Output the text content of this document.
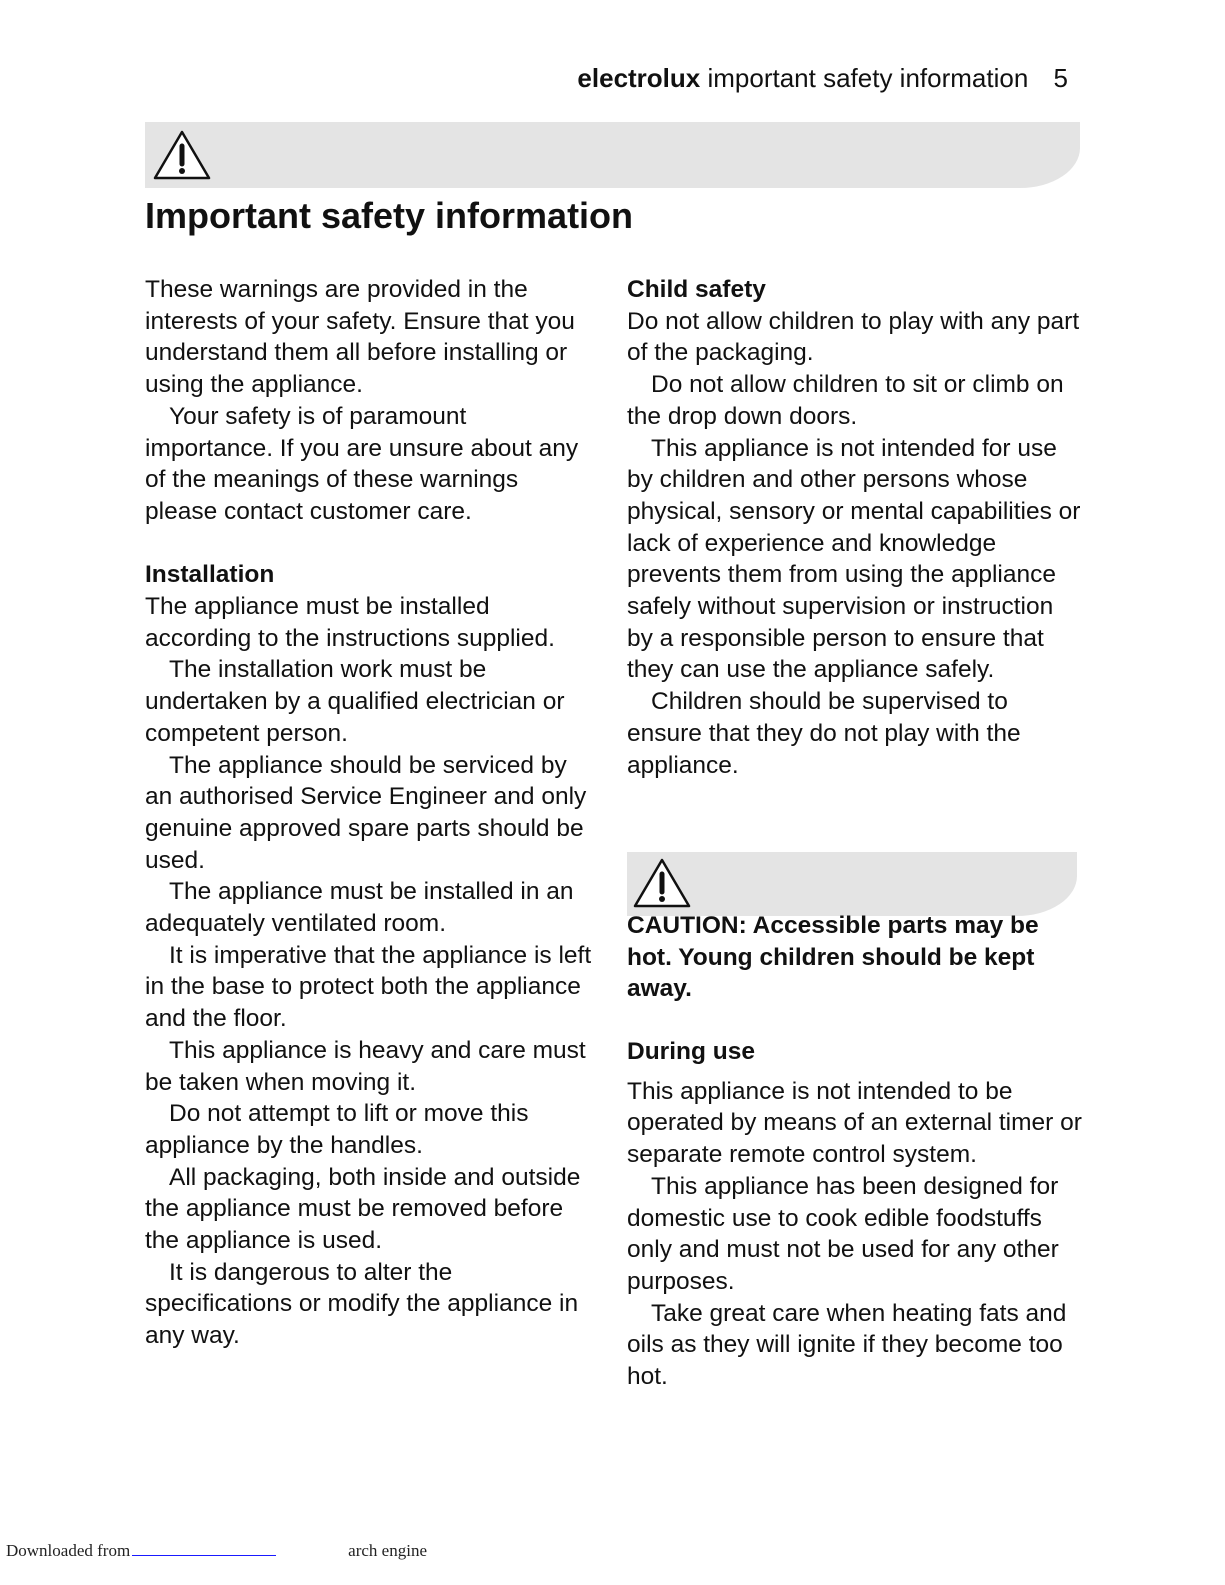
electrolux important safety information 5
Important safety information

These warnings are provided in the interests of your safety. Ensure that you understand them all before installing or using the appliance.

Your safety is of paramount importance. If you are unsure about any of the meanings of these warnings please contact customer care.

Installation

The appliance must be installed according to the instructions supplied.

The installation work must be undertaken by a qualified electrician or competent person.

The appliance should be serviced by an authorised Service Engineer and only genuine approved spare parts should be used.

The appliance must be installed in an adequately ventilated room.

It is imperative that the appliance is left in the base to protect both the appliance and the floor.

This appliance is heavy and care must be taken when moving it.

Do not attempt to lift or move this appliance by the handles.

All packaging, both inside and outside the appliance must be removed before the appliance is used.

It is dangerous to alter the specifications or modify the appliance in any way.

Child safety

Do not allow children to play with any part of the packaging.

Do not allow children to sit or climb on the drop down doors.

This appliance is not intended for use by children and other persons whose physical, sensory or mental capabilities or lack of experience and knowledge prevents them from using the appliance safely without supervision or instruction by a responsible person to ensure that they can use the appliance safely.

Children should be supervised to ensure that they do not play with the appliance.

CAUTION: Accessible parts may be hot. Young children should be kept away.

During use

This appliance is not intended to be operated by means of an external timer or separate remote control system.

This appliance has been designed for domestic use to cook edible foodstuffs only and must not be used for any other purposes.

Take great care when heating fats and oils as they will ignite if they become too hot.

Downloaded from	arch engine
